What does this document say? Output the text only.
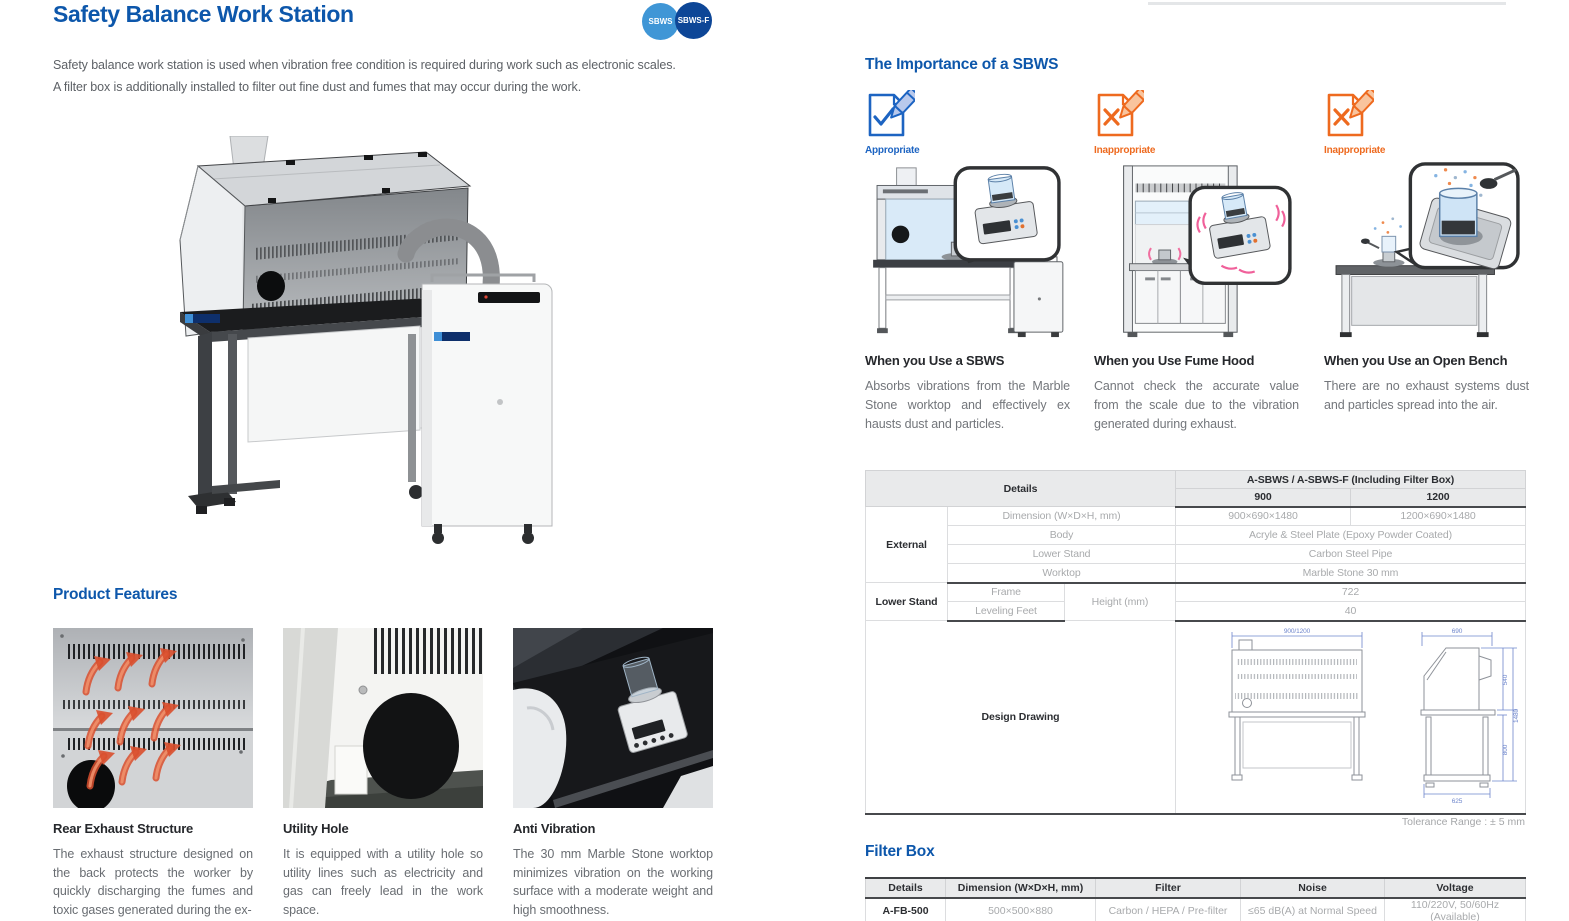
Safety Balance Work Station	SBWS SBWS-F
Safety balance work station is used when vibration free condition is required during work such as electronic scales.
A filter box is additionally installed to filter out fine dust and fumes that may occur during the work.
Product Features
Rear Exhaust Structure
The exhaust structure designed on the back protects the worker by quickly discharging the fumes and toxic gases generated during the ex-
Utility Hole
It is equipped with a utility hole so utility lines such as electricity and gas can freely lead in the work space.
Anti Vibration
The 30 mm Marble Stone worktop minimizes vibration on the working surface with a moderate weight and high smoothness.
The Importance of a SBWS
Appropriate
When you Use a SBWS
Absorbs vibrations from the Marble Stone worktop and effectively ex hausts dust and particles.
Inappropriate
When you Use Fume Hood
Cannot check the accurate value from the scale due to the vibration generated during exhaust.
Inappropriate
When you Use an Open Bench
There are no exhaust systems dust and particles spread into the air.
Details			A-SBWS / A-SBWS-F (Including Filter Box)	
			900	1200
External	Dimension (W×D×H, mm)		900×690×1480	1200×690×1480
	Body		Acryle & Steel Plate (Epoxy Powder Coated)	
	Lower Stand		Carbon Steel Pipe	
	Worktop		Marble Stone 30 mm	
Lower Stand	Frame	Height (mm)	722	
	Leveling Feet		40	
Design Drawing	
900/1200	690
540
1480
800
625
Tolerance Range : ± 5 mm
Filter Box
Details	Dimension (W×D×H, mm)	Filter	Noise	Voltage
A-FB-500	500×500×880	Carbon / HEPA / Pre-filter	≤65 dB(A) at Normal Speed	110/220V, 50/60Hz (Available)
